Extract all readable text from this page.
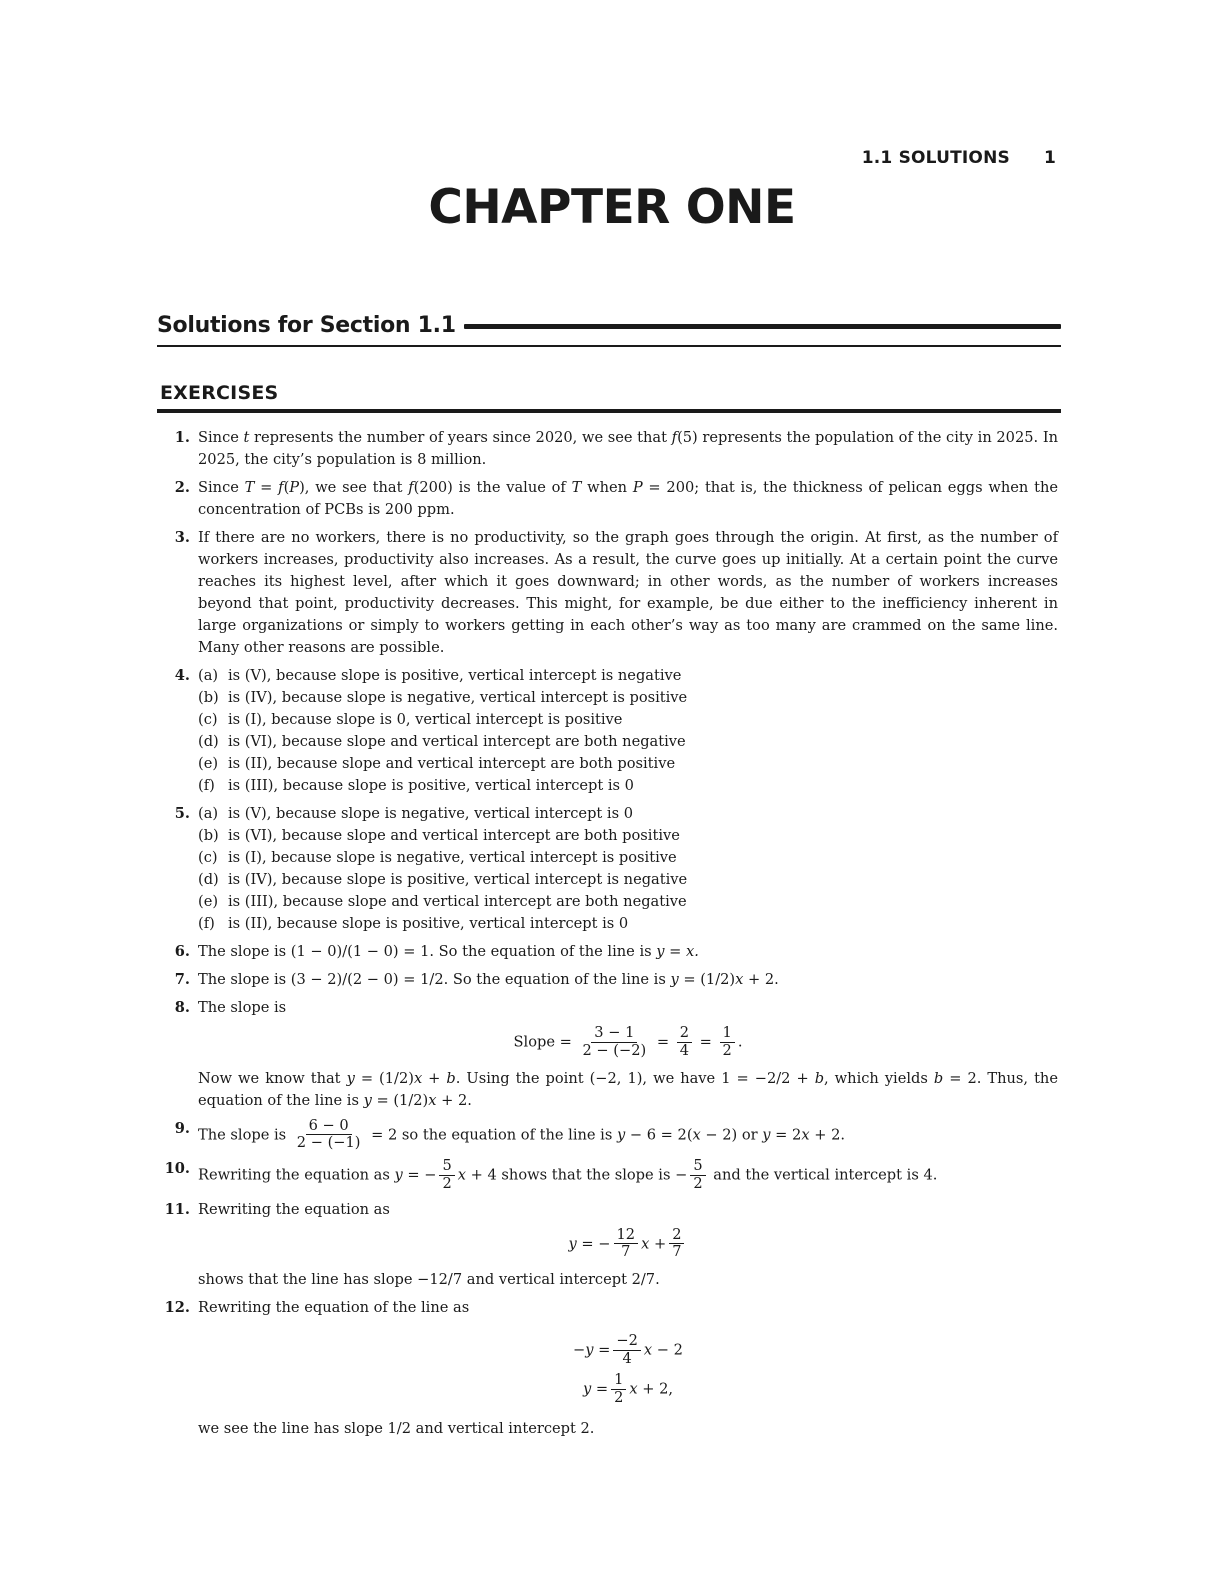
1.1 SOLUTIONS 1
CHAPTER ONE
Solutions for Section 1.1
EXERCISES
1. Since t represents the number of years since 2020, we see that f(5) represents the population of the city in 2025. In 2025, the city’s population is 8 million.
2. Since T = f(P), we see that f(200) is the value of T when P = 200; that is, the thickness of pelican eggs when the concentration of PCBs is 200 ppm.
3. If there are no workers, there is no productivity, so the graph goes through the origin. At first, as the number of workers increases, productivity also increases. As a result, the curve goes up initially. At a certain point the curve reaches its highest level, after which it goes downward; in other words, as the number of workers increases beyond that point, productivity decreases. This might, for example, be due either to the inefficiency inherent in large organizations or simply to workers getting in each other’s way as too many are crammed on the same line. Many other reasons are possible.
4. (a) is (V), because slope is positive, vertical intercept is negative
(b) is (IV), because slope is negative, vertical intercept is positive
(c) is (I), because slope is 0, vertical intercept is positive
(d) is (VI), because slope and vertical intercept are both negative
(e) is (II), because slope and vertical intercept are both positive
(f) is (III), because slope is positive, vertical intercept is 0
5. (a) is (V), because slope is negative, vertical intercept is 0
(b) is (VI), because slope and vertical intercept are both positive
(c) is (I), because slope is negative, vertical intercept is positive
(d) is (IV), because slope is positive, vertical intercept is negative
(e) is (III), because slope and vertical intercept are both negative
(f) is (II), because slope is positive, vertical intercept is 0
6. The slope is (1 − 0)/(1 − 0) = 1. So the equation of the line is y = x.
7. The slope is (3 − 2)/(2 − 0) = 1/2. So the equation of the line is y = (1/2)x + 2.
8. The slope is
Slope = $\frac{3 - 1}{2 - (-2)} = \frac{2}{4} = \frac{1}{2}$ .
Now we know that y = (1/2)x + b. Using the point (−2, 1), we have 1 = −2/2 + b, which yields b = 2. Thus, the equation of the line is y = (1/2)x + 2.
9. The slope is $\frac{6 - 0}{2 - (-1)} = 2$ so the equation of the line is y − 6 = 2(x − 2) or y = 2x + 2.
10. Rewriting the equation as y = − $\frac{5}{2}$ x + 4 shows that the slope is − $\frac{5}{2}$ and the vertical intercept is 4.
11. Rewriting the equation as
y = − $\frac{12}{7}$ $x + \frac{2}{7}$
shows that the line has slope −12/7 and vertical intercept 2/7.
12. Rewriting the equation of the line as
$-y = \frac{-2}{4}$ x − 2
$y = \frac{1}{2}$ x + 2,
we see the line has slope 1/2 and vertical intercept 2.
